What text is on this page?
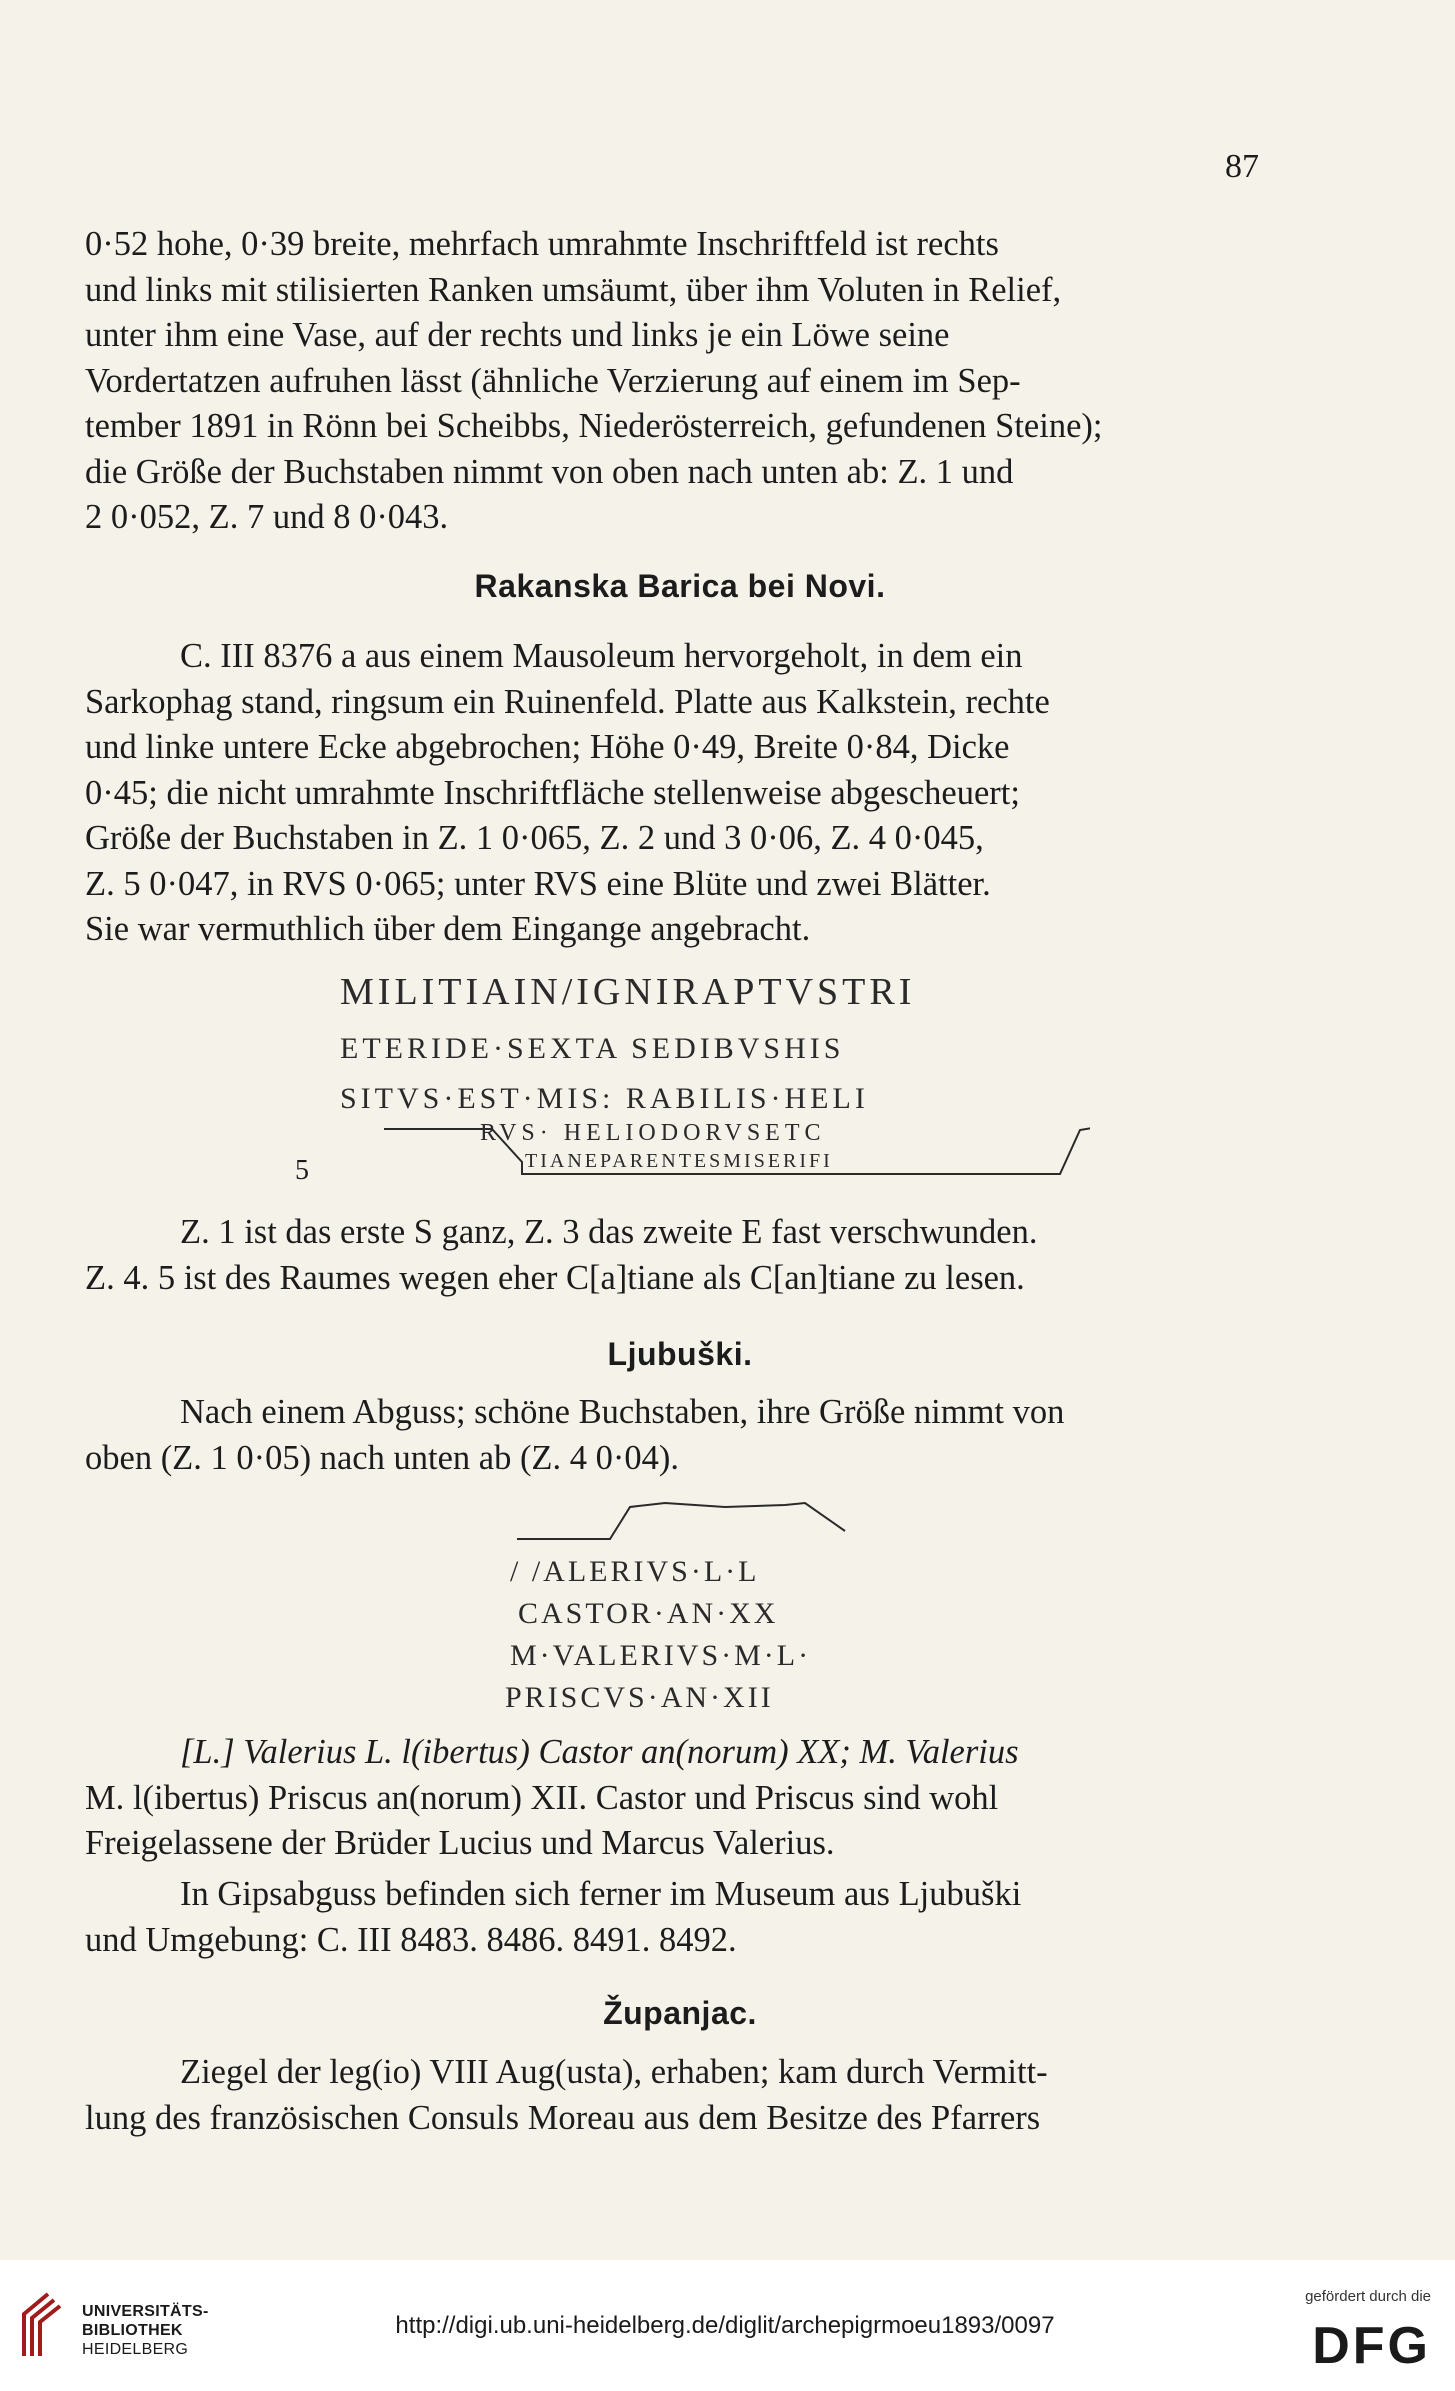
87

0·52 hohe, 0·39 breite, mehrfach umrahmte Inschriftfeld ist rechts

und links mit stilisierten Ranken umsäumt, über ihm Voluten in Relief,

unter ihm eine Vase, auf der rechts und links je ein Löwe seine

Vordertatzen aufruhen lässt (ähnliche Verzierung auf einem im Sep-

tember 1891 in Rönn bei Scheibbs, Niederösterreich, gefundenen Steine);

die Größe der Buchstaben nimmt von oben nach unten ab: Z. 1 und

2 0·052, Z. 7 und 8 0·043.

Rakanska Barica bei Novi.

C. III 8376 a aus einem Mausoleum hervorgeholt, in dem ein

Sarkophag stand, ringsum ein Ruinenfeld. Platte aus Kalkstein, rechte

und linke untere Ecke abgebrochen; Höhe 0·49, Breite 0·84, Dicke

0·45; die nicht umrahmte Inschriftfläche stellenweise abgescheuert;

Größe der Buchstaben in Z. 1 0·065, Z. 2 und 3 0·06, Z. 4 0·045,

Z. 5 0·047, in RVS 0·065; unter RVS eine Blüte und zwei Blätter.

Sie war vermuthlich über dem Eingange angebracht.

MILITIAIN/IGNIRAPTVSTRI
ETERIDE·SEXTA SEDIBVSHIS
SITVS·EST·MIS: RABILIS·HELI
RVS· HELIODORVSETC
TIANEPARENTESMISERIFI
5

Z. 1 ist das erste S ganz, Z. 3 das zweite E fast verschwunden.

Z. 4. 5 ist des Raumes wegen eher C[a]tiane als C[an]tiane zu lesen.

Ljubuški.

Nach einem Abguss; schöne Buchstaben, ihre Größe nimmt von

oben (Z. 1 0·05) nach unten ab (Z. 4 0·04).

/ /ALERIVS·L·L
CASTOR·AN·XX
M·VALERIVS·M·L·
PRISCVS·AN·XII

[L.] Valerius L. l(ibertus) Castor an(norum) XX; M. Valerius

M. l(ibertus) Priscus an(norum) XII. Castor und Priscus sind wohl

Freigelassene der Brüder Lucius und Marcus Valerius.

In Gipsabguss befinden sich ferner im Museum aus Ljubuški

und Umgebung: C. III 8483. 8486. 8491. 8492.

Županjac.

Ziegel der leg(io) VIII Aug(usta), erhaben; kam durch Vermitt-

lung des französischen Consuls Moreau aus dem Besitze des Pfarrers

UNIVERSITÄTS-
BIBLIOTHEK
HEIDELBERG
http://digi.ub.uni-heidelberg.de/diglit/archepigrmoeu1893/0097
gefördert durch die
DFG
